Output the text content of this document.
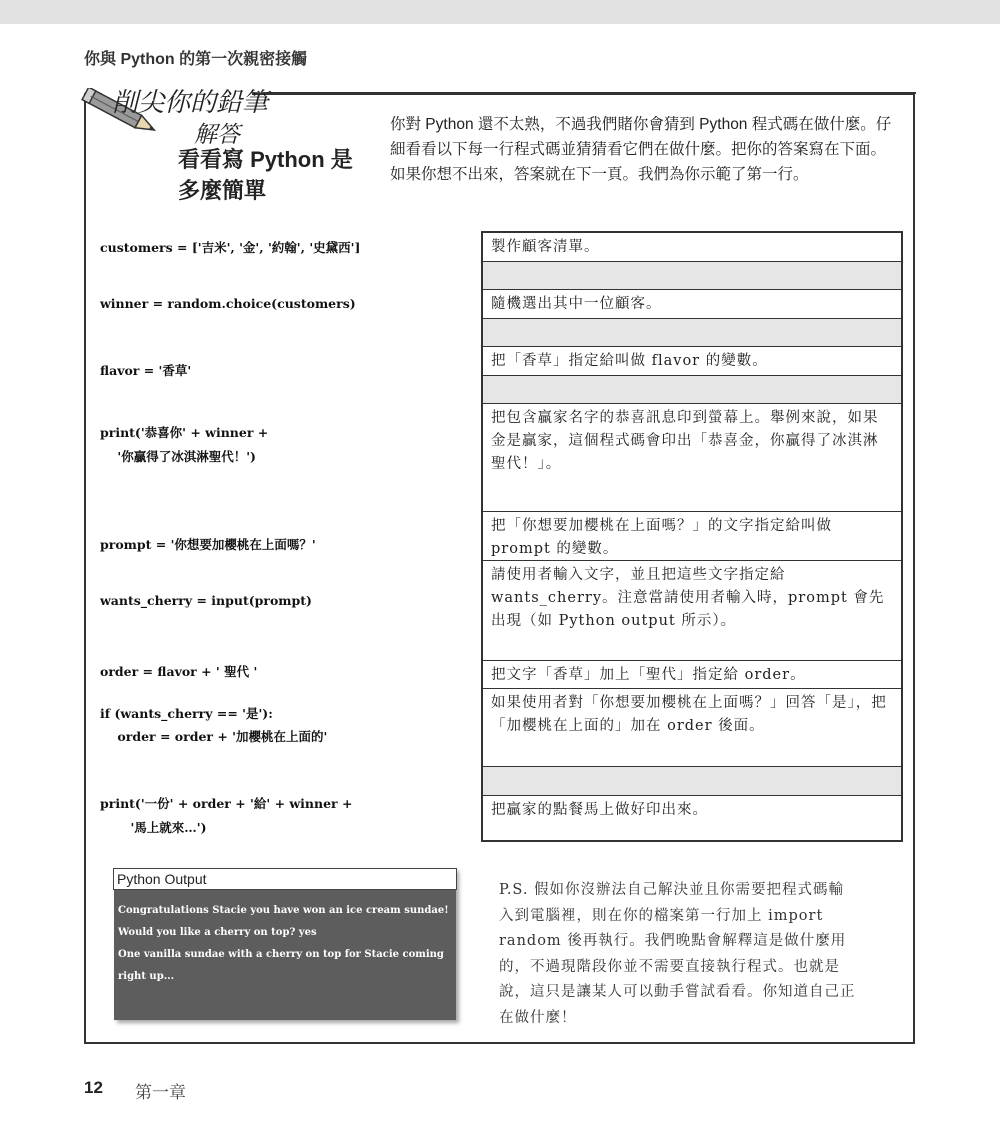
你與 Python 的第一次親密接觸
削尖你的鉛筆
解答
看看寫 Python 是
多麼簡單
你對 Python 還不太熟，不過我們賭你會猜到 Python 程式碼在做什麼。仔細看看以下每一行程式碼並猜猜看它們在做什麼。把你的答案寫在下面。如果你想不出來，答案就在下一頁。我們為你示範了第一行。
customers = ['吉米', '金', '約翰', '史黛西']
winner = random.choice(customers)
flavor = '香草'
print('恭喜你' + winner +
'你贏得了冰淇淋聖代！')
prompt = '你想要加櫻桃在上面嗎？'
wants_cherry = input(prompt)
order = flavor + ' 聖代 '
if (wants_cherry == '是'):
order = order + '加櫻桃在上面的'
print('一份' + order + '給' + winner +
'馬上就來…')
製作顧客清單。
隨機選出其中一位顧客。
把「香草」指定給叫做 flavor 的變數。
把包含贏家名字的恭喜訊息印到螢幕上。舉例來說，如果金是贏家，這個程式碼會印出「恭喜金，你贏得了冰淇淋聖代！」。
把「你想要加櫻桃在上面嗎？」的文字指定給叫做 prompt 的變數。
請使用者輸入文字，並且把這些文字指定給 wants_cherry。注意當請使用者輸入時，prompt 會先出現（如 Python output 所示）。
把文字「香草」加上「聖代」指定給 order。
如果使用者對「你想要加櫻桃在上面嗎？」回答「是」，把「加櫻桃在上面的」加在 order 後面。
把贏家的點餐馬上做好印出來。
Python Output
Congratulations Stacie you have won an ice cream sundae!
Would you like a cherry on top? yes
One vanilla sundae with a cherry on top for Stacie coming
right up...
P.S. 假如你沒辦法自己解決並且你需要把程式碼輸入到電腦裡，則在你的檔案第一行加上 import random 後再執行。我們晚點會解釋這是做什麼用的，不過現階段你並不需要直接執行程式。也就是說，這只是讓某人可以動手嘗試看看。你知道自己正在做什麼！
12 第一章
